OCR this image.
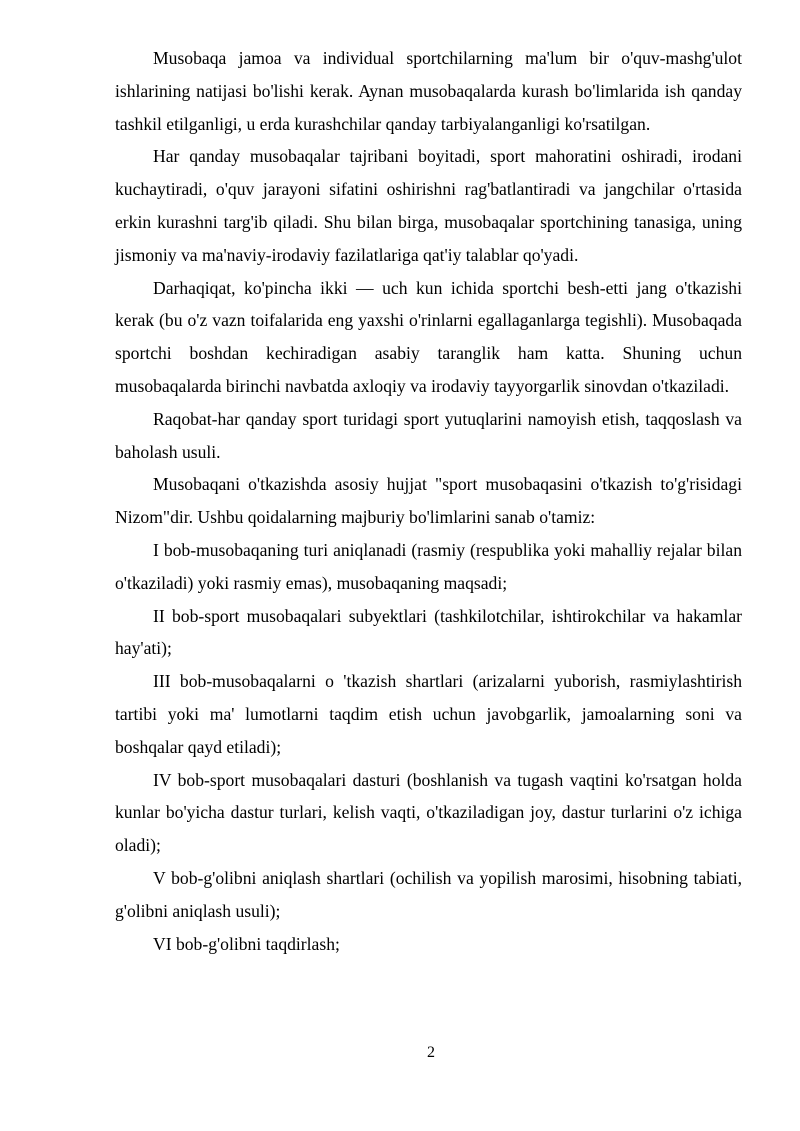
Musobaqa jamoa va individual sportchilarning ma'lum bir o'quv-mashg'ulot ishlarining natijasi bo'lishi kerak. Aynan musobaqalarda kurash bo'limlarida ish qanday tashkil etilganligi, u erda kurashchilar qanday tarbiyalanganligi ko'rsatilgan.

Har qanday musobaqalar tajribani boyitadi, sport mahoratini oshiradi, irodani kuchaytiradi, o'quv jarayoni sifatini oshirishni rag'batlantiradi va jangchilar o'rtasida erkin kurashni targ'ib qiladi. Shu bilan birga, musobaqalar sportchining tanasiga, uning jismoniy va ma'naviy-irodaviy fazilatlariga qat'iy talablar qo'yadi.

Darhaqiqat, ko'pincha ikki — uch kun ichida sportchi besh-etti jang o'tkazishi kerak (bu o'z vazn toifalarida eng yaxshi o'rinlarni egallaganlarga tegishli). Musobaqada sportchi boshdan kechiradigan asabiy taranglik ham katta. Shuning uchun musobaqalarda birinchi navbatda axloqiy va irodaviy tayyorgarlik sinovdan o'tkaziladi.

Raqobat-har qanday sport turidagi sport yutuqlarini namoyish etish, taqqoslash va baholash usuli.

Musobaqani o'tkazishda asosiy hujjat "sport musobaqasini o'tkazish to'g'risidagi Nizom"dir. Ushbu qoidalarning majburiy bo'limlarini sanab o'tamiz:

I bob-musobaqaning turi aniqlanadi (rasmiy (respublika yoki mahalliy rejalar bilan o'tkaziladi) yoki rasmiy emas), musobaqaning maqsadi;

II bob-sport musobaqalari subyektlari (tashkilotchilar, ishtirokchilar va hakamlar hay'ati);

III bob-musobaqalarni o 'tkazish shartlari (arizalarni yuborish, rasmiylashtirish tartibi yoki ma' lumotlarni taqdim etish uchun javobgarlik, jamoalarning soni va boshqalar qayd etiladi);

IV bob-sport musobaqalari dasturi (boshlanish va tugash vaqtini ko'rsatgan holda kunlar bo'yicha dastur turlari, kelish vaqti, o'tkaziladigan joy, dastur turlarini o'z ichiga oladi);

V bob-g'olibni aniqlash shartlari (ochilish va yopilish marosimi, hisobning tabiati, g'olibni aniqlash usuli);

VI bob-g'olibni taqdirlash;

2
